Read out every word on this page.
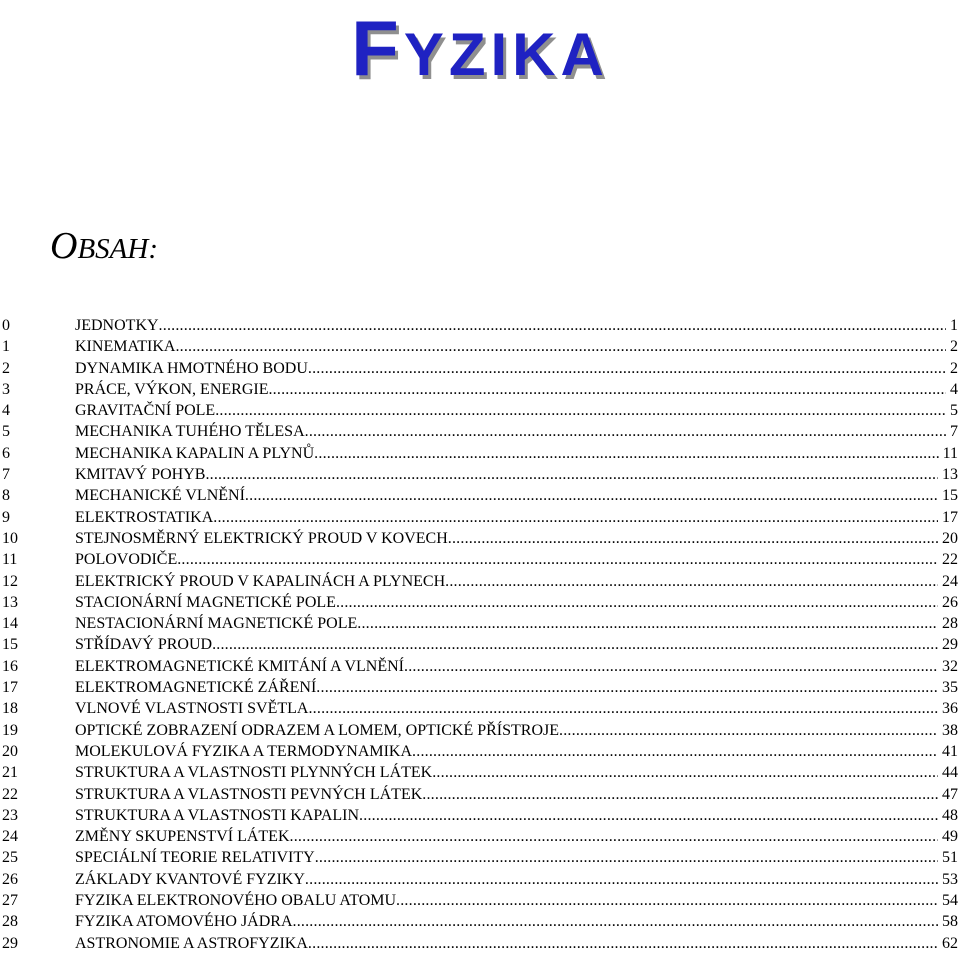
FYZIKA
OBSAH:
0	JEDNOTKY .....	1
1	KINEMATIKA .....	2
2	DYNAMIKA HMOTNÉHO BODU .....	2
3	PRÁCE, VÝKON, ENERGIE .....	4
4	GRAVITAČNÍ POLE .....	5
5	MECHANIKA TUHÉHO TĚLESA .....	7
6	MECHANIKA KAPALIN A PLYNŮ .....	11
7	KMITAVÝ POHYB .....	13
8	MECHANICKÉ VLNĚNÍ .....	15
9	ELEKTROSTATIKA .....	17
10	STEJNOSMĚRNÝ ELEKTRICKÝ PROUD V KOVECH .....	20
11	POLOVODIČE .....	22
12	ELEKTRICKÝ PROUD V KAPALINÁCH A PLYNECH .....	24
13	STACIONÁRNÍ MAGNETICKÉ POLE .....	26
14	NESTACIONÁRNÍ MAGNETICKÉ POLE .....	28
15	STŘÍDAVÝ PROUD .....	29
16	ELEKTROMAGNETICKÉ KMITÁNÍ A VLNĚNÍ .....	32
17	ELEKTROMAGNETICKÉ ZÁŘENÍ .....	35
18	VLNOVÉ VLASTNOSTI SVĚTLA .....	36
19	OPTICKÉ ZOBRAZENÍ ODRAZEM A LOMEM, OPTICKÉ PŘÍSTROJE .....	38
20	MOLEKULOVÁ FYZIKA A TERMODYNAMIKA .....	41
21	STRUKTURA A VLASTNOSTI PLYNNÝCH LÁTEK .....	44
22	STRUKTURA A VLASTNOSTI PEVNÝCH LÁTEK .....	47
23	STRUKTURA A VLASTNOSTI KAPALIN .....	48
24	ZMĚNY SKUPENSTVÍ LÁTEK .....	49
25	SPECIÁLNÍ TEORIE RELATIVITY .....	51
26	ZÁKLADY KVANTOVÉ FYZIKY .....	53
27	FYZIKA ELEKTRONOVÉHO OBALU ATOMU .....	54
28	FYZIKA ATOMOVÉHO JÁDRA .....	58
29	ASTRONOMIE A ASTROFYZIKA .....	62
